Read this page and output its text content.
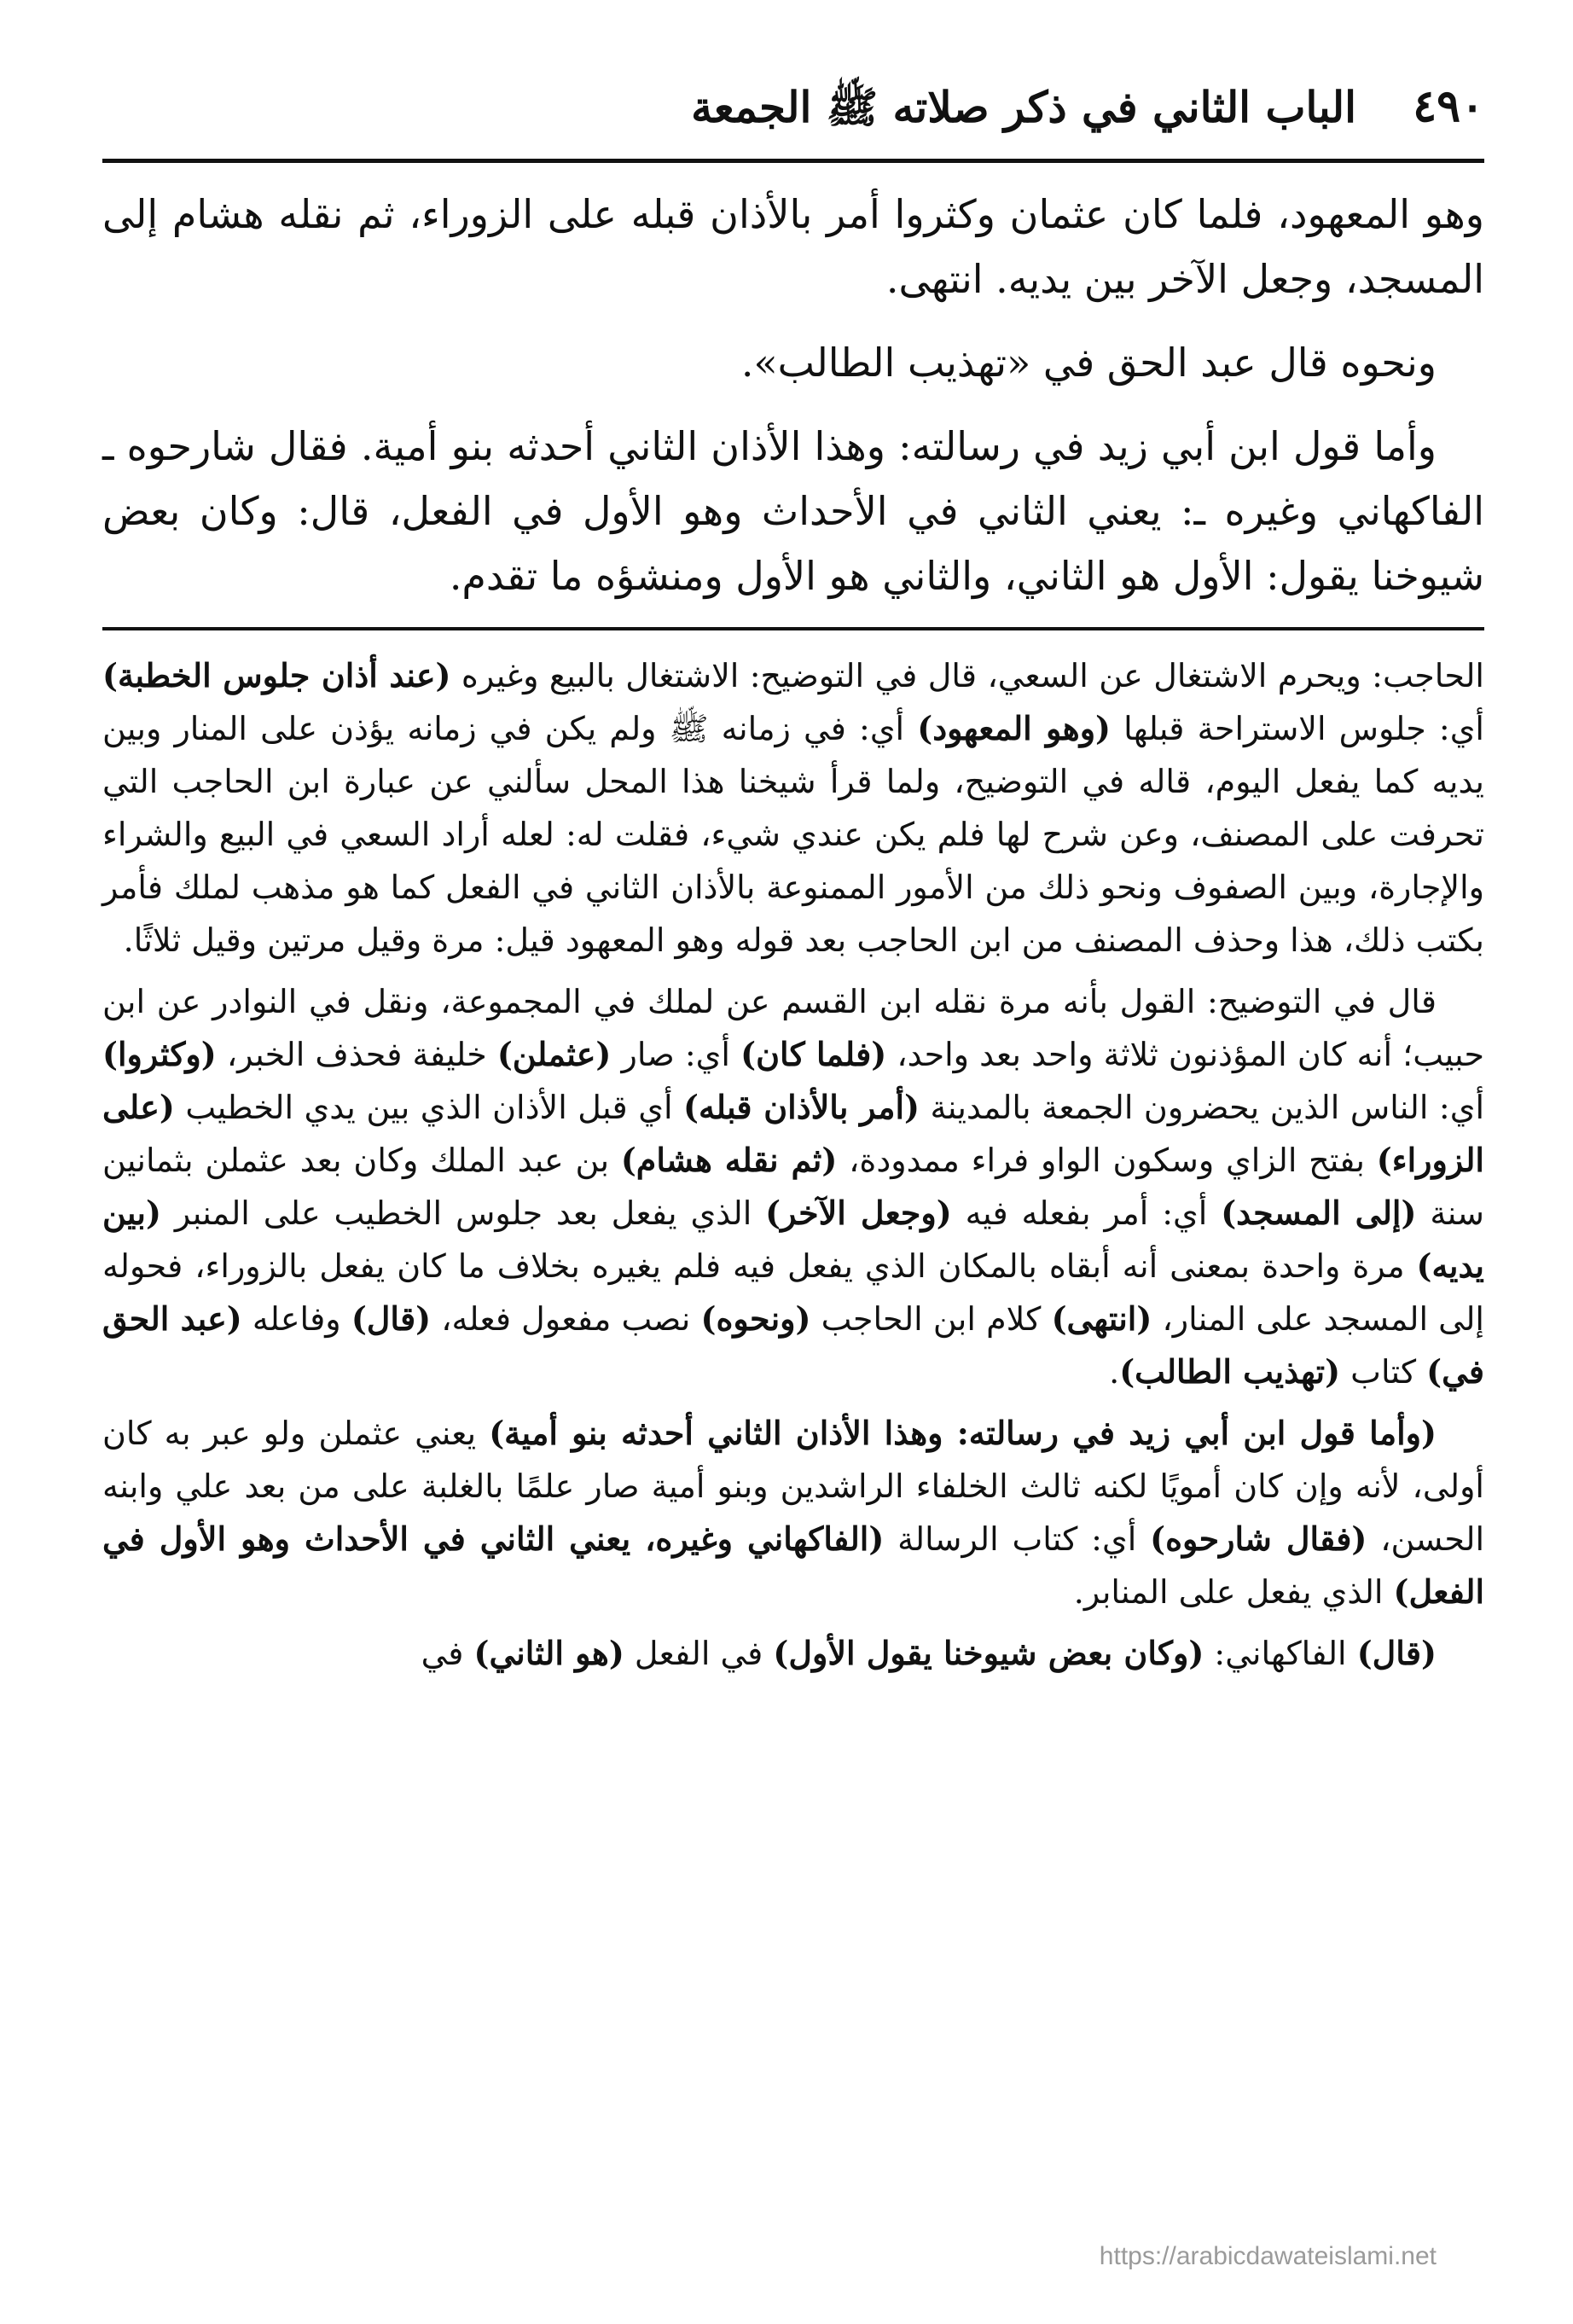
٤٩٠
الباب الثاني في ذكر صلاته ﷺ الجمعة

وهو المعهود، فلما كان عثمان وكثروا أمر بالأذان قبله على الزوراء، ثم نقله هشام إلى المسجد، وجعل الآخر بين يديه. انتهى.

ونحوه قال عبد الحق في «تهذيب الطالب».

وأما قول ابن أبي زيد في رسالته: وهذا الأذان الثاني أحدثه بنو أمية. فقال شارحوه ـ الفاكهاني وغيره ـ: يعني الثاني في الأحداث وهو الأول في الفعل، قال: وكان بعض شيوخنا يقول: الأول هو الثاني، والثاني هو الأول ومنشؤه ما تقدم.

الحاجب: ويحرم الاشتغال عن السعي، قال في التوضيح: الاشتغال بالبيع وغيره (عند أذان جلوس الخطبة) أي: جلوس الاستراحة قبلها (وهو المعهود) أي: في زمانه ﷺ ولم يكن في زمانه يؤذن على المنار وبين يديه كما يفعل اليوم، قاله في التوضيح، ولما قرأ شيخنا هذا المحل سألني عن عبارة ابن الحاجب التي تحرفت على المصنف، وعن شرح لها فلم يكن عندي شيء، فقلت له: لعله أراد السعي في البيع والشراء والإجارة، وبين الصفوف ونحو ذلك من الأمور الممنوعة بالأذان الثاني في الفعل كما هو مذهب لملك فأمر بكتب ذلك، هذا وحذف المصنف من ابن الحاجب بعد قوله وهو المعهود قيل: مرة وقيل مرتين وقيل ثلاثًا.

قال في التوضيح: القول بأنه مرة نقله ابن القسم عن لملك في المجموعة، ونقل في النوادر عن ابن حبيب؛ أنه كان المؤذنون ثلاثة واحد بعد واحد، (فلما كان) أي: صار (عثملن) خليفة فحذف الخبر، (وكثروا) أي: الناس الذين يحضرون الجمعة بالمدينة (أمر بالأذان قبله) أي قبل الأذان الذي بين يدي الخطيب (على الزوراء) بفتح الزاي وسكون الواو فراء ممدودة، (ثم نقله هشام) بن عبد الملك وكان بعد عثملن بثمانين سنة (إلى المسجد) أي: أمر بفعله فيه (وجعل الآخر) الذي يفعل بعد جلوس الخطيب على المنبر (بين يديه) مرة واحدة بمعنى أنه أبقاه بالمكان الذي يفعل فيه فلم يغيره بخلاف ما كان يفعل بالزوراء، فحوله إلى المسجد على المنار، (انتهى) كلام ابن الحاجب (ونحوه) نصب مفعول فعله، (قال) وفاعله (عبد الحق في) كتاب (تهذيب الطالب).

(وأما قول ابن أبي زيد في رسالته: وهذا الأذان الثاني أحدثه بنو أمية) يعني عثملن ولو عبر به كان أولى، لأنه وإن كان أمويًا لكنه ثالث الخلفاء الراشدين وبنو أمية صار علمًا بالغلبة على من بعد علي وابنه الحسن، (فقال شارحوه) أي: كتاب الرسالة (الفاكهاني وغيره، يعني الثاني في الأحداث وهو الأول في الفعل) الذي يفعل على المنابر.

(قال) الفاكهاني: (وكان بعض شيوخنا يقول الأول) في الفعل (هو الثاني) في

https://arabicdawateislami.net
